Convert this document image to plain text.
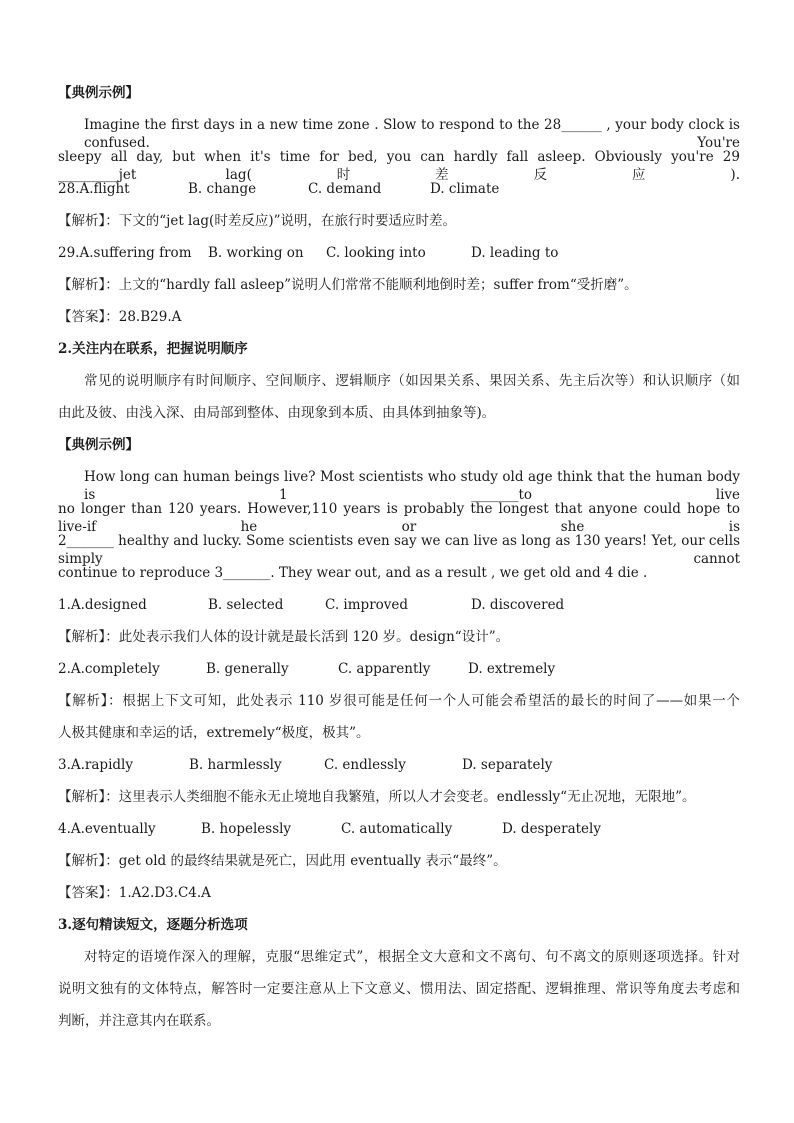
【典例示例】
Imagine the first days in a new time zone . Slow to respond to the 28______ , your body clock is confused. You're
sleepy all day, but when it's time for bed, you can hardly fall asleep. Obviously you're 29 _________jet lag(时差反应).
28.A.flight	B. change	C. demand	D. climate
【解析】：下文的“jet lag(时差反应)”说明，在旅行时要适应时差。
29.A.suffering from B. working on C. looking into	D. leading to
【解析】：上文的“hardly fall asleep”说明人们常常不能顺利地倒时差；suffer from“受折磨”。
【答案】：28.B29.A
2.关注内在联系，把握说明顺序
常见的说明顺序有时间顺序、空间顺序、逻辑顺序（如因果关系、果因关系、先主后次等）和认识顺序（如
由此及彼、由浅入深、由局部到整体、由现象到本质、由具体到抽象等)。
【典例示例】
How long can human beings live? Most scientists who study old age think that the human body is 1 _______to live
no longer than 120 years. However,110 years is probably the longest that anyone could hope to live-if he or she is
2_______ healthy and lucky. Some scientists even say we can live as long as 130 years! Yet, our cells simply cannot
continue to reproduce 3_______. They wear out, and as a result , we get old and 4 die .
1.A.designed	B. selected	C. improved	D. discovered
【解析】：此处表示我们人体的设计就是最长活到 120 岁。design“设计”。
2.A.completely	B. generally	C. apparently	D. extremely
【解析】：根据上下文可知，此处表示 110 岁很可能是任何一个人可能会希望活的最长的时间了——如果一个
人极其健康和幸运的话，extremely“极度，极其”。
3.A.rapidly	B. harmlessly	C. endlessly	D. separately
【解析】：这里表示人类细胞不能永无止境地自我繁殖，所以人才会变老。endlessly“无止况地，无限地”。
4.A.eventually	B. hopelessly	C. automatically	D. desperately
【解析】：get old 的最终结果就是死亡，因此用 eventually 表示“最终”。
【答案】：1.A2.D3.C4.A
3.逐句精读短文，逐题分析选项
对特定的语境作深入的理解，克服“思维定式”，根据全文大意和文不离句、句不离文的原则逐项选择。针对
说明文独有的文体特点，解答时一定要注意从上下文意义、惯用法、固定搭配、逻辑推理、常识等角度去考虑和
判断，并注意其内在联系。
